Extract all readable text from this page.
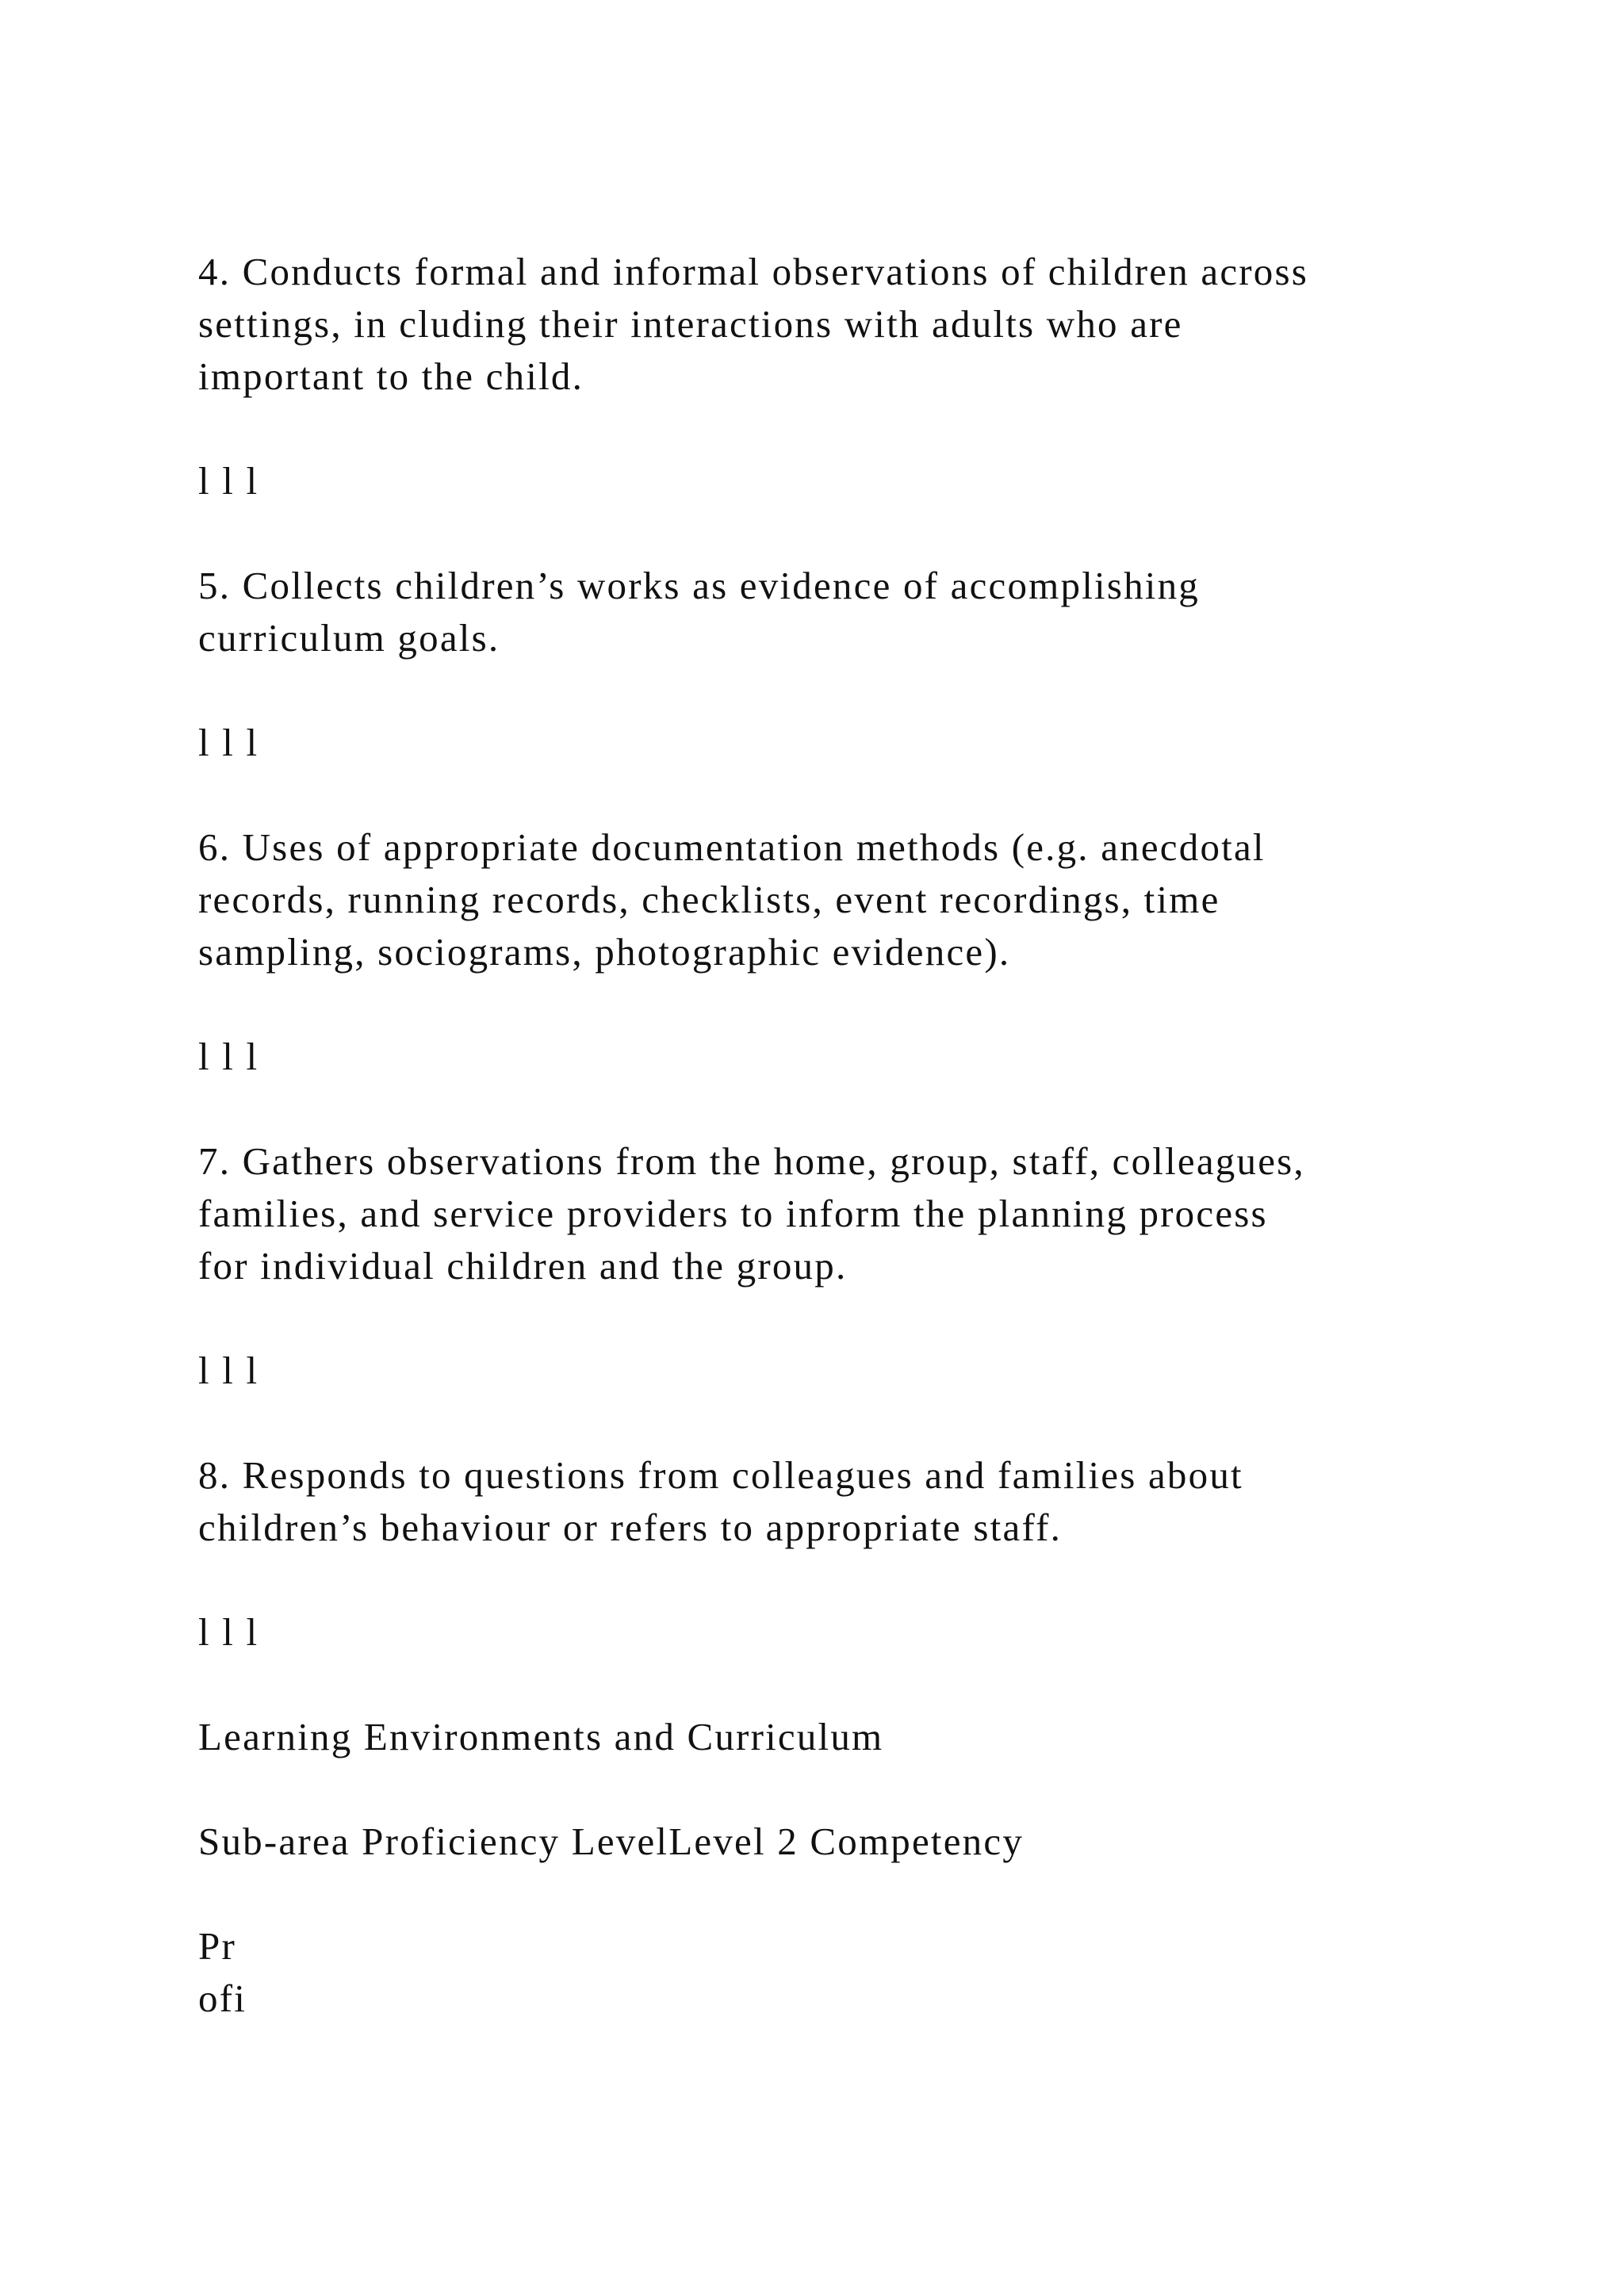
4. Conducts formal and informal observations of children across
settings, in cluding their interactions with adults who are
important to the child.

l l l

5. Collects children’s works as evidence of accomplishing
curriculum goals.

l l l

6. Uses of appropriate documentation methods (e.g. anecdotal
records, running records, checklists, event recordings, time
sampling, sociograms, photographic evidence).

l l l

7. Gathers observations from the home, group, staff, colleagues,
families, and service providers to inform the planning process
for individual children and the group.

l l l

8. Responds to questions from colleagues and families about
children’s behaviour or refers to appropriate staff.

l l l

Learning Environments and Curriculum

Sub-area Proficiency LevelLevel 2 Competency

Pr
ofi
